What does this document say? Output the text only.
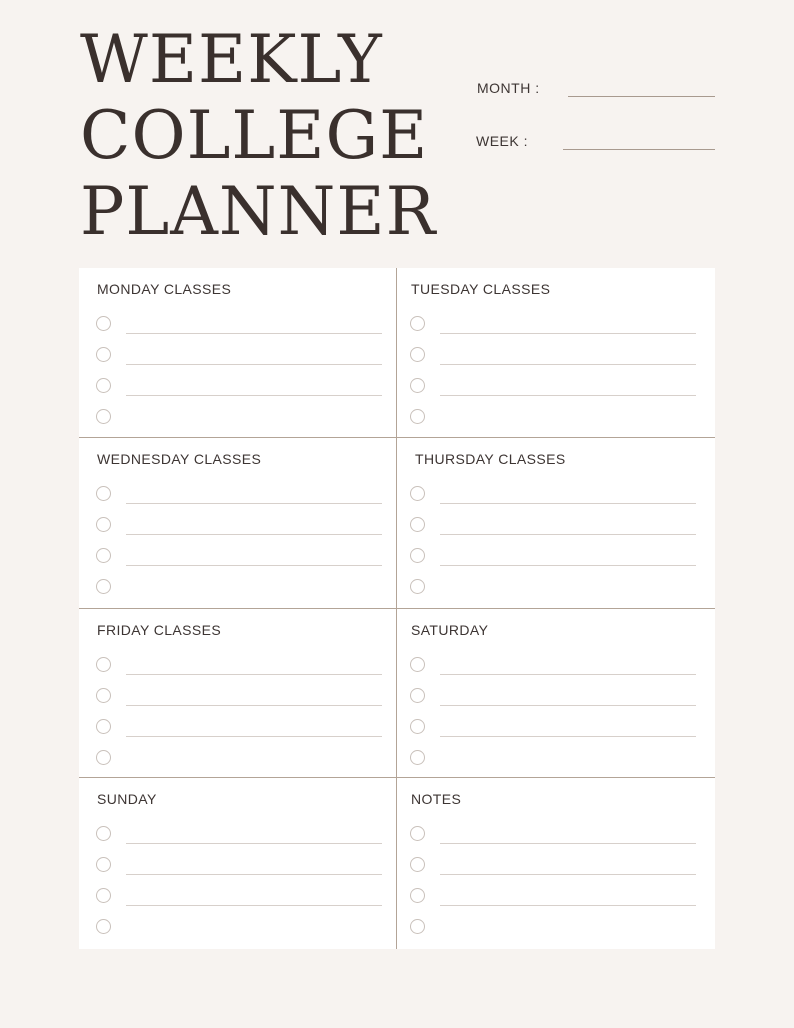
WEEKLY
COLLEGE
PLANNER
MONTH :
WEEK :
MONDAY CLASSES	TUESDAY CLASSES
WEDNESDAY CLASSES	THURSDAY CLASSES
FRIDAY CLASSES	SATURDAY
SUNDAY	NOTES
